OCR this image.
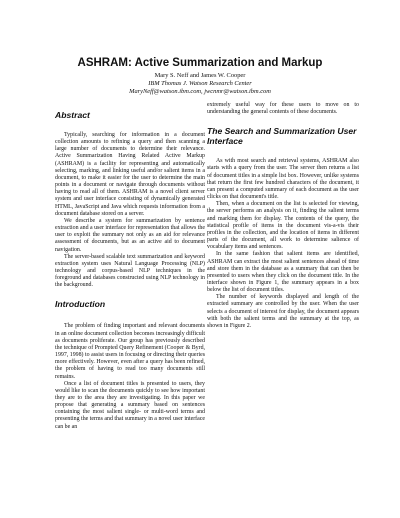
ASHRAM: Active Summarization and Markup
Mary S. Neff and James W. Cooper
IBM Thomas J. Watson Research Center
MaryNeff@watson.ibm.com, jwcnmr@watson.ibm.com
Abstract

Typically, searching for information in a document collection amounts to refining a query and then scanning a large number of documents to determine their relevance. Active Summarization Having Related Active Markup (ASHRAM) is a facility for representing and automatically selecting, marking, and linking useful and/or salient items in a document, to make it easier for the user to determine the main points in a document or navigate through documents without having to read all of them. ASHRAM is a novel client server system and user interface consisting of dynamically generated HTML, JavaScript and Java which requests information from a document database stored on a server.

We describe a system for summarization by sentence extraction and a user interface for representation that allows the user to exploit the summary not only as an aid for relevance assessment of documents, but as an active aid to document navigation.

The server-based scalable text summarization and keyword extraction system uses Natural Language Processing (NLP) technology and corpus-based NLP techniques in the foreground and databases constructed using NLP technology in the background.

Introduction

The problem of finding important and relevant documents in an online document collection becomes increasingly difficult as documents proliferate. Our group has previously described the technique of Prompted Query Refinement (Cooper & Byrd, 1997, 1998) to assist users in focusing or directing their queries more effectively. However, even after a query has been refined, the problem of having to read too many documents still remains.

Once a list of document titles is presented to users, they would like to scan the documents quickly to see how important they are to the area they are investigating. In this paper we propose that generating a summary based on sentences containing the most salient single- or multi-word terms and presenting the terms and that summary in a novel user interface can be an

extremely useful way for these users to move on to understanding the general contents of these documents.

The Search and Summarization User Interface

As with most search and retrieval systems, ASHRAM also starts with a query from the user. The server then returns a list of document titles in a simple list box. However, unlike systems that return the first few hundred characters of the document, it can present a computed summary of each document as the user clicks on that document's title.

Then, when a document on the list is selected for viewing, the server performs an analysis on it, finding the salient terms and marking them for display. The contents of the query, the statistical profile of items in the document vis-a-vis their profiles in the collection, and the location of items in different parts of the document, all work to determine salience of vocabulary items and sentences.

In the same fashion that salient items are identified, ASHRAM can extract the most salient sentences ahead of time and store them in the database as a summary that can then be presented to users when they click on the document title. In the interface shown in Figure 1, the summary appears in a box below the list of document titles.

The number of keywords displayed and length of the extracted summary are controlled by the user. When the user selects a document of interest for display, the document appears with both the salient terms and the summary at the top, as shown in Figure 2.
